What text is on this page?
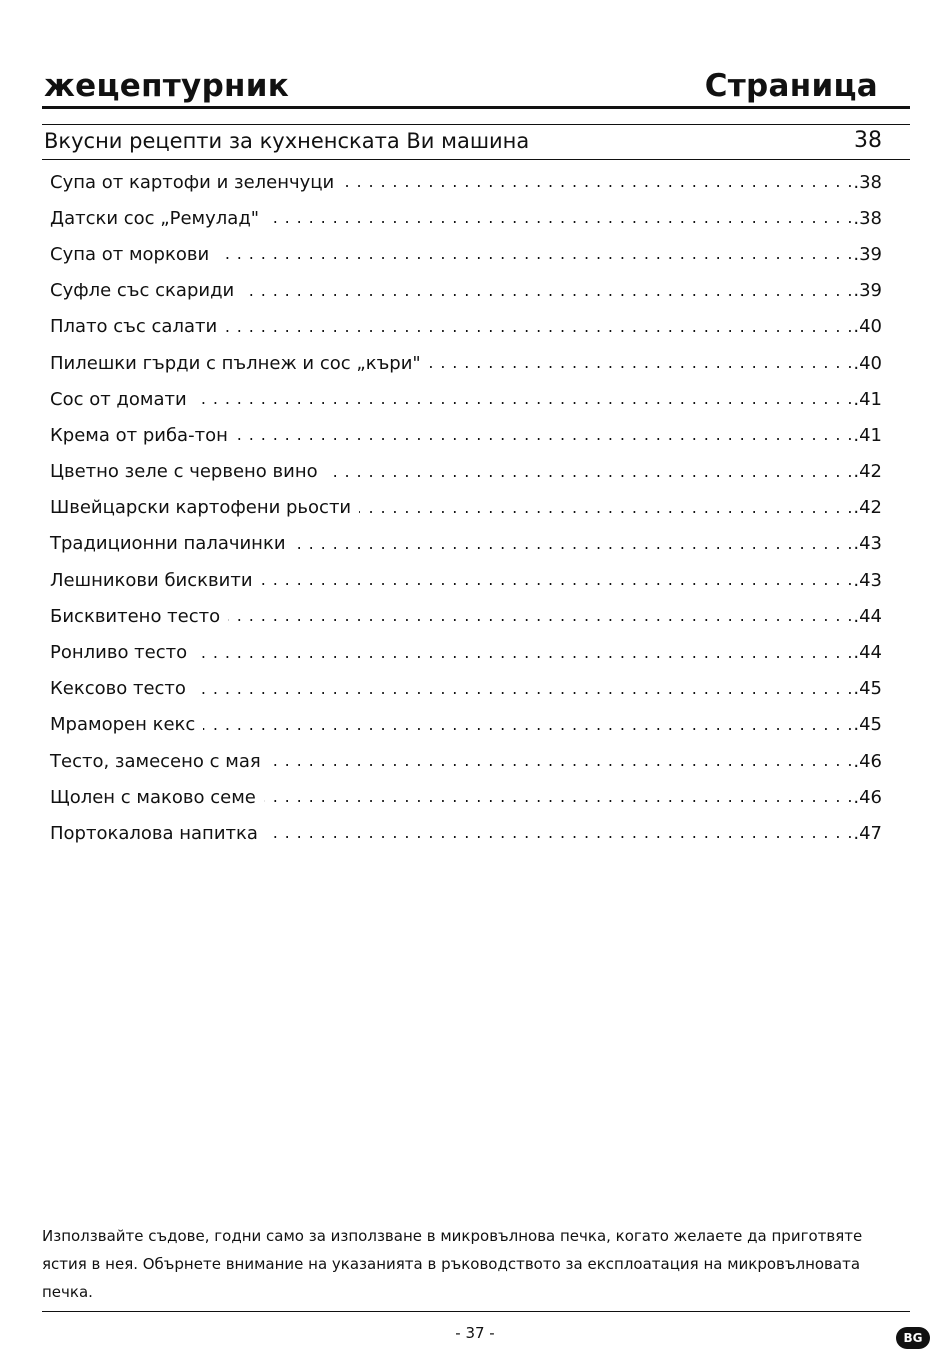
жецептурник	Страница
Вкусни рецепти за кухненската Ви машина	38
Супа от картофи и зеленчуци . . .	.38
Датски сос „Ремулад" . . .	.38
Супа от моркови . . .	.39
Суфле със скариди . . .	.39
Плато със салати . . .	.40
Пилешки гърди с пълнеж и сос „къри" . . .	.40
Сос от домати . . .	.41
Крема от риба-тон . . .	.41
Цветно зеле с червено вино . . .	.42
Швейцарски картофени рьости . . .	.42
Традиционни палачинки . . .	.43
Лешникови бисквити . . .	.43
Бисквитено тесто . . .	.44
Ронливо тесто . . .	.44
Кексово тесто . . .	.45
Мраморен кекс . . .	.45
Тесто, замесено с мая . . .	.46
Щолен с маково семе . . .	.46
Портокалова напитка . . .	.47

Използвайте съдове, годни само за използване в микровълнова печка, когато желаете да приготвяте ястия в нея. Обърнете внимание на указанията в ръководството за експлоатация на микровълновата печка.

- 37 -	BG
